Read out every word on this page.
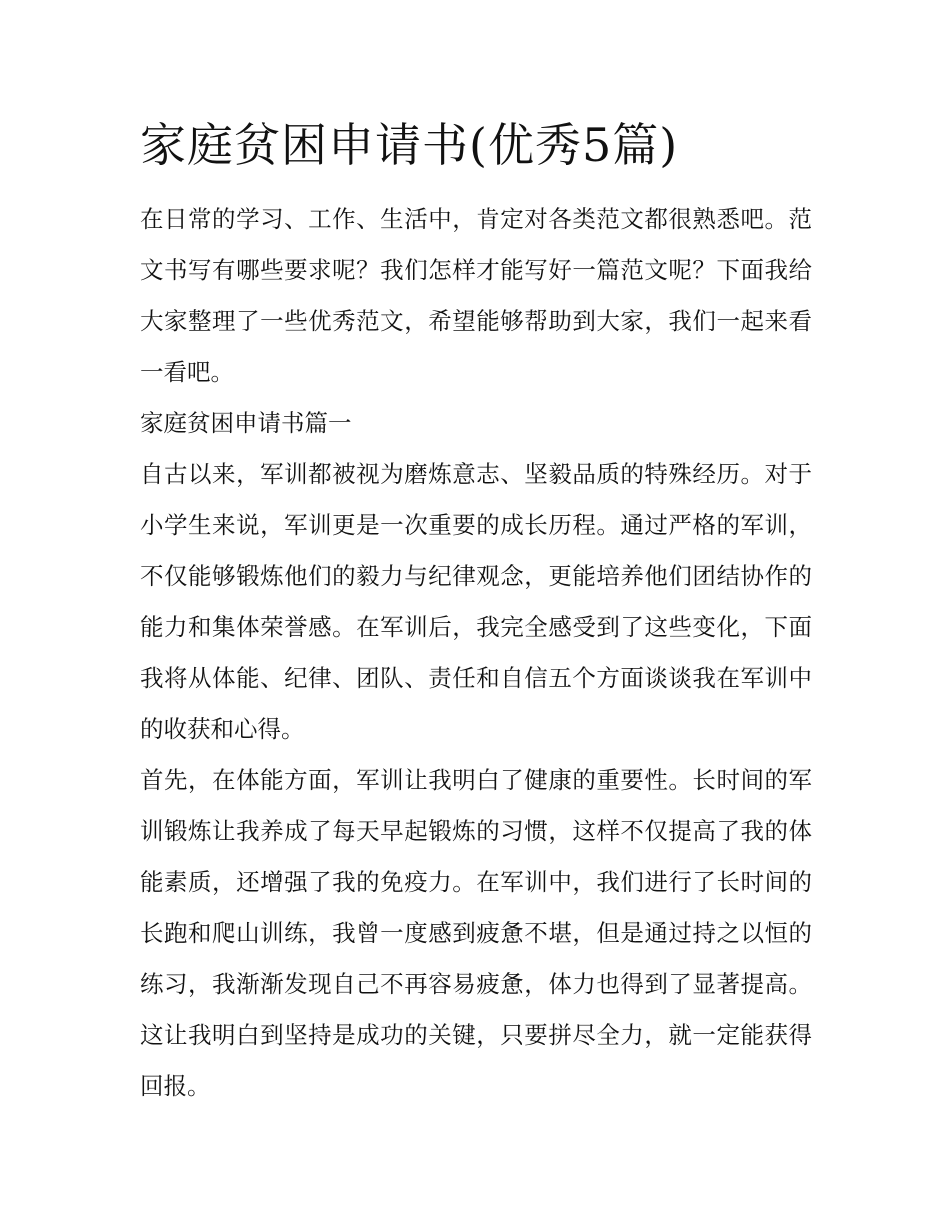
家庭贫困申请书(优秀5篇)

在日常的学习、工作、生活中，肯定对各类范文都很熟悉吧。范文书写有哪些要求呢？我们怎样才能写好一篇范文呢？下面我给大家整理了一些优秀范文，希望能够帮助到大家，我们一起来看一看吧。

家庭贫困申请书篇一

自古以来，军训都被视为磨炼意志、坚毅品质的特殊经历。对于小学生来说，军训更是一次重要的成长历程。通过严格的军训，不仅能够锻炼他们的毅力与纪律观念，更能培养他们团结协作的能力和集体荣誉感。在军训后，我完全感受到了这些变化，下面我将从体能、纪律、团队、责任和自信五个方面谈谈我在军训中的收获和心得。

首先，在体能方面，军训让我明白了健康的重要性。长时间的军训锻炼让我养成了每天早起锻炼的习惯，这样不仅提高了我的体能素质，还增强了我的免疫力。在军训中，我们进行了长时间的长跑和爬山训练，我曾一度感到疲惫不堪，但是通过持之以恒的练习，我渐渐发现自己不再容易疲惫，体力也得到了显著提高。这让我明白到坚持是成功的关键，只要拼尽全力，就一定能获得回报。
